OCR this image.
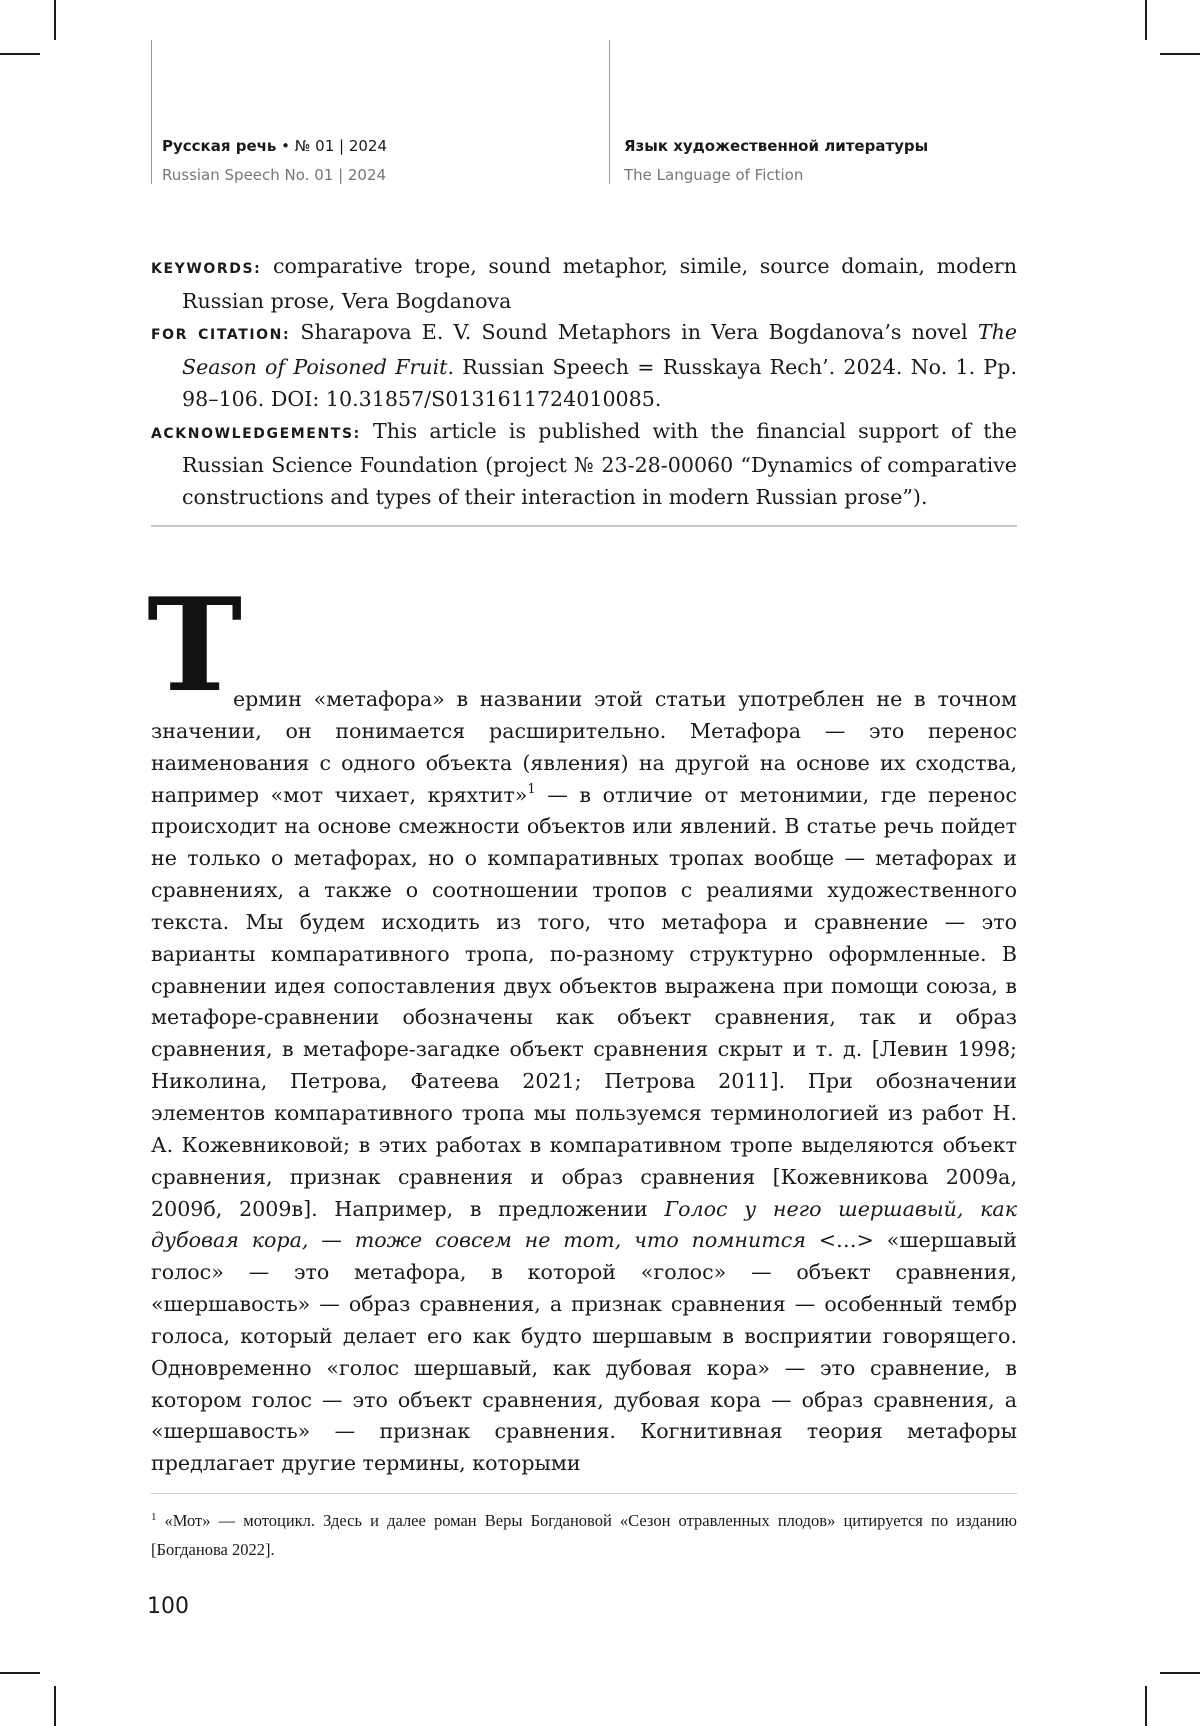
Русская речь • № 01 | 2024
Russian Speech No. 01 | 2024
Язык художественной литературы
The Language of Fiction

KEYWORDS: comparative trope, sound metaphor, simile, source domain, modern Russian prose, Vera Bogdanova

FOR CITATION: Sharapova E. V. Sound Metaphors in Vera Bogdanova’s novel The Season of Poisoned Fruit. Russian Speech = Russkaya Rech’. 2024. No. 1. Pp. 98–106. DOI: 10.31857/S0131611724010085.

ACKNOWLEDGEMENTS: This article is published with the financial support of the Russian Science Foundation (project № 23-28-00060 “Dynamics of comparative constructions and types of their interaction in modern Russian prose”).

Т

ермин «метафора» в названии этой статьи употреблен не в точном значении, он понимается расширительно. Метафора — это перенос наименования с одного объекта (явления) на другой на основе их сходства, например «мот чихает, кряхтит»$^1$ — в отличие от метонимии, где перенос происходит на основе смежности объектов или явлений. В статье речь пойдет не только о метафорах, но о компаративных тропах вообще — метафорах и сравнениях, а также о соотношении тропов с реалиями художественного текста. Мы будем исходить из того, что метафора и сравнение — это варианты компаративного тропа, по-разному структурно оформленные. В сравнении идея сопоставления двух объектов выражена при помощи союза, в метафоре-сравнении обозначены как объект сравнения, так и образ сравнения, в метафоре-загадке объект сравнения скрыт и т. д. [Левин 1998; Николина, Петрова, Фатеева 2021; Петрова 2011]. При обозначении элементов компаративного тропа мы пользуемся терминологией из работ Н. А. Кожевниковой; в этих работах в компаративном тропе выделяются объект сравнения, признак сравнения и образ сравнения [Кожевникова 2009а, 2009б, 2009в]. Например, в предложении Голос у него шершавый, как дубовая кора, — тоже совсем не тот, что помнится <…> «шершавый голос» — это метафора, в которой «голос» — объект сравнения, «шершавость» — образ сравнения, а признак сравнения — особенный тембр голоса, который делает его как будто шершавым в восприятии говорящего. Одновременно «голос шершавый, как дубовая кора» — это сравнение, в котором голос — это объект сравнения, дубовая кора — образ сравнения, а «шершавость» — признак сравнения. Когнитивная теория метафоры предлагает другие термины, которыми

$^1$ «Мот» — мотоцикл. Здесь и далее роман Веры Богдановой «Сезон отравленных плодов» цитируется по изданию [Богданова 2022].

100
